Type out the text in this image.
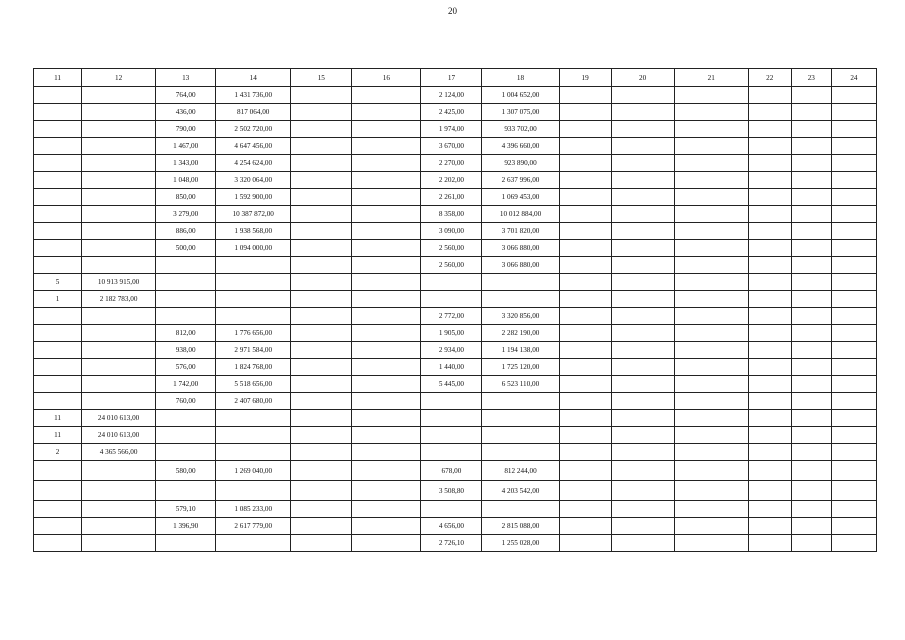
20
11	12	13	14	15	16	17	18	19	20	21	22	23	24
		764,00	1 431 736,00			2 124,00	1 004 652,00						
		436,00	817 064,00			2 425,00	1 307 075,00						
		790,00	2 502 720,00			1 974,00	933 702,00						
		1 467,00	4 647 456,00			3 670,00	4 396 660,00						
		1 343,00	4 254 624,00			2 270,00	923 890,00						
		1 048,00	3 320 064,00			2 202,00	2 637 996,00						
		850,00	1 592 900,00			2 261,00	1 069 453,00						
		3 279,00	10 387 872,00			8 358,00	10 012 884,00						
		886,00	1 938 568,00			3 090,00	3 701 820,00						
		500,00	1 094 000,00			2 560,00	3 066 880,00						
						2 560,00	3 066 880,00						
5	10 913 915,00												
1	2 182 783,00												
						2 772,00	3 320 856,00						
		812,00	1 776 656,00			1 905,00	2 282 190,00						
		938,00	2 971 584,00			2 934,00	1 194 138,00						
		576,00	1 824 768,00			1 440,00	1 725 120,00						
		1 742,00	5 518 656,00			5 445,00	6 523 110,00						
		760,00	2 407 680,00										
11	24 010 613,00												
11	24 010 613,00												
2	4 365 566,00												
		580,00	1 269 040,00			678,00	812 244,00						
						3 508,80	4 203 542,00						
		579,10	1 085 233,00										
		1 396,90	2 617 779,00			4 656,00	2 815 088,00						
						2 726,10	1 255 028,00						
